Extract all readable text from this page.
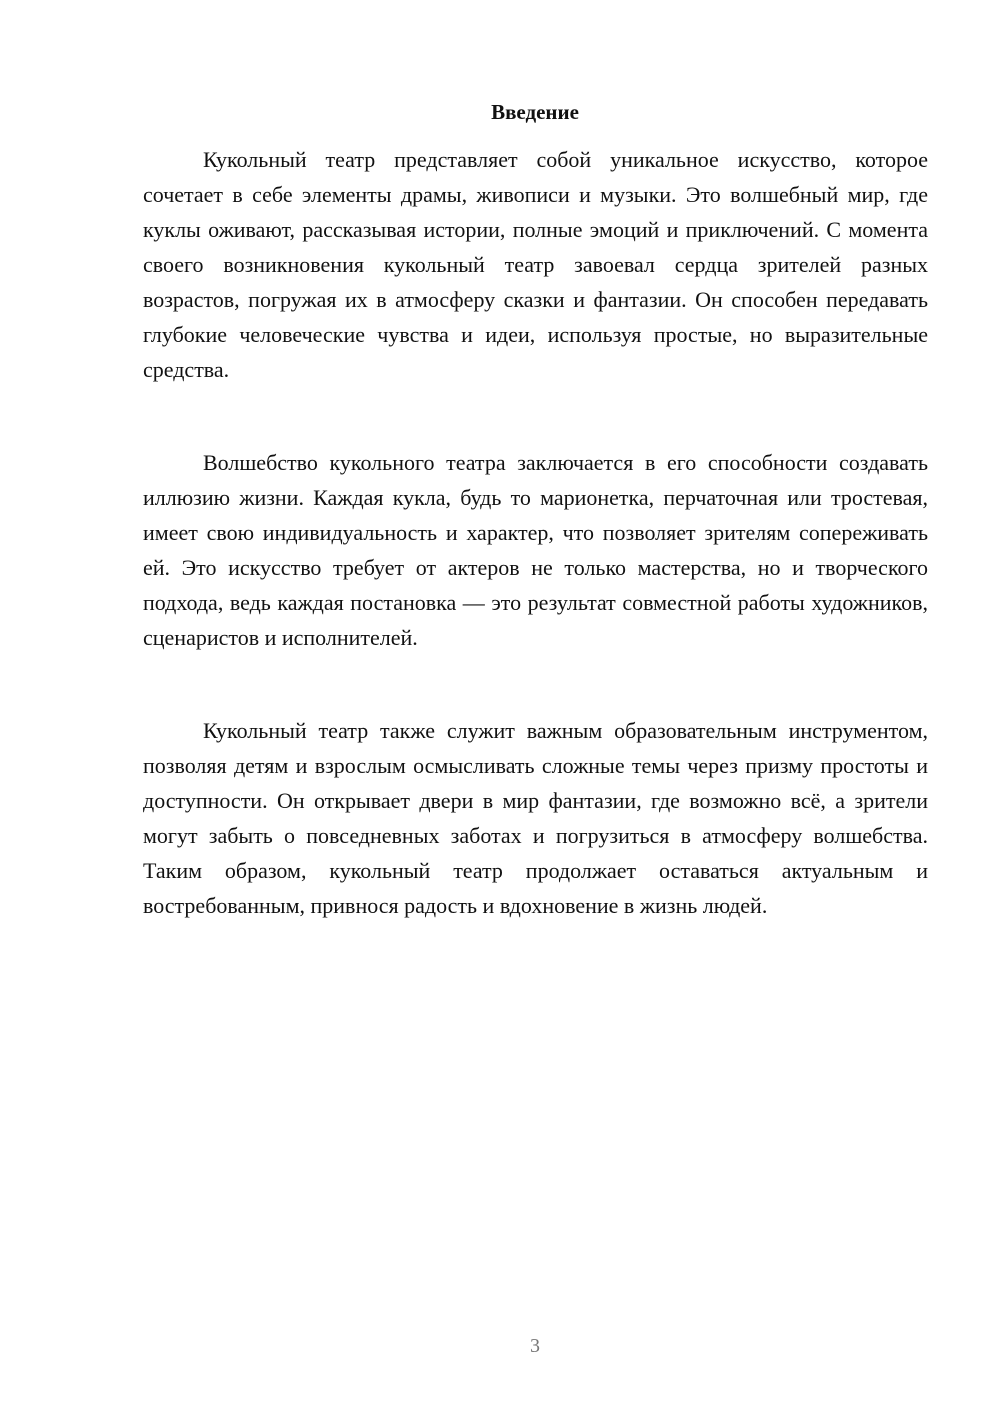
Введение

Кукольный театр представляет собой уникальное искусство, которое сочетает в себе элементы драмы, живописи и музыки. Это волшебный мир, где куклы оживают, рассказывая истории, полные эмоций и приключений. С момента своего возникновения кукольный театр завоевал сердца зрителей разных возрастов, погружая их в атмосферу сказки и фантазии. Он способен передавать глубокие человеческие чувства и идеи, используя простые, но выразительные средства.

Волшебство кукольного театра заключается в его способности создавать иллюзию жизни. Каждая кукла, будь то марионетка, перчаточная или тростевая, имеет свою индивидуальность и характер, что позволяет зрителям сопереживать ей. Это искусство требует от актеров не только мастерства, но и творческого подхода, ведь каждая постановка — это результат совместной работы художников, сценаристов и исполнителей.

Кукольный театр также служит важным образовательным инструментом, позволяя детям и взрослым осмысливать сложные темы через призму простоты и доступности. Он открывает двери в мир фантазии, где возможно всё, а зрители могут забыть о повседневных заботах и погрузиться в атмосферу волшебства. Таким образом, кукольный театр продолжает оставаться актуальным и востребованным, привнося радость и вдохновение в жизнь людей.

3
